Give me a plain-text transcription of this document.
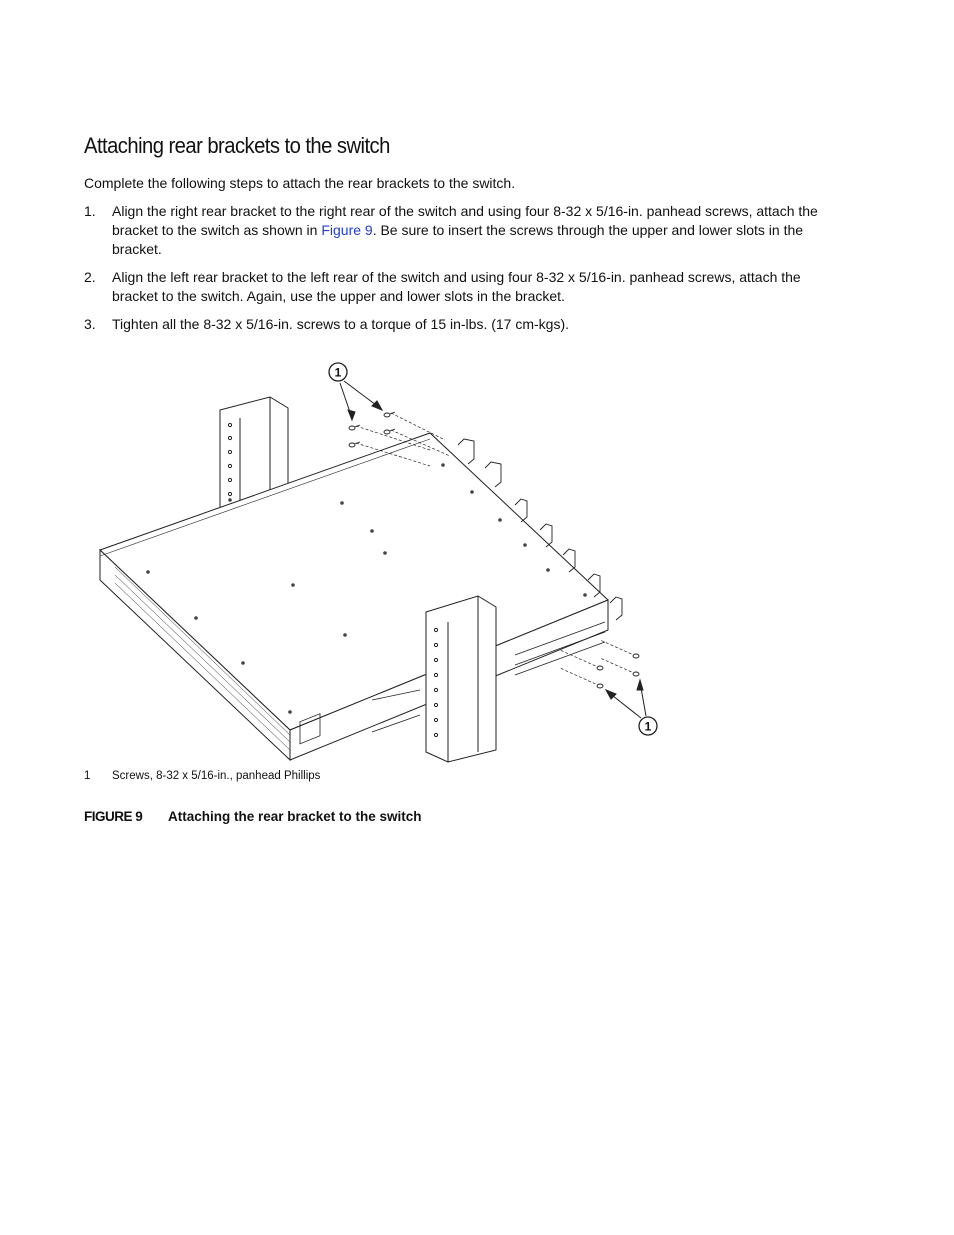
Attaching rear brackets to the switch

Complete the following steps to attach the rear brackets to the switch.

1. Align the right rear bracket to the right rear of the switch and using four 8-32 x 5/16-in. panhead screws, attach the bracket to the switch as shown in Figure 9. Be sure to insert the screws through the upper and lower slots in the bracket.
2. Align the left rear bracket to the left rear of the switch and using four 8-32 x 5/16-in. panhead screws, attach the bracket to the switch. Again, use the upper and lower slots in the bracket.
3. Tighten all the 8-32 x 5/16-in. screws to a torque of 15 in-lbs. (17 cm-kgs).
1
1
1 Screws, 8-32 x 5/16-in., panhead Phillips
FIGURE 9 Attaching the rear bracket to the switch
